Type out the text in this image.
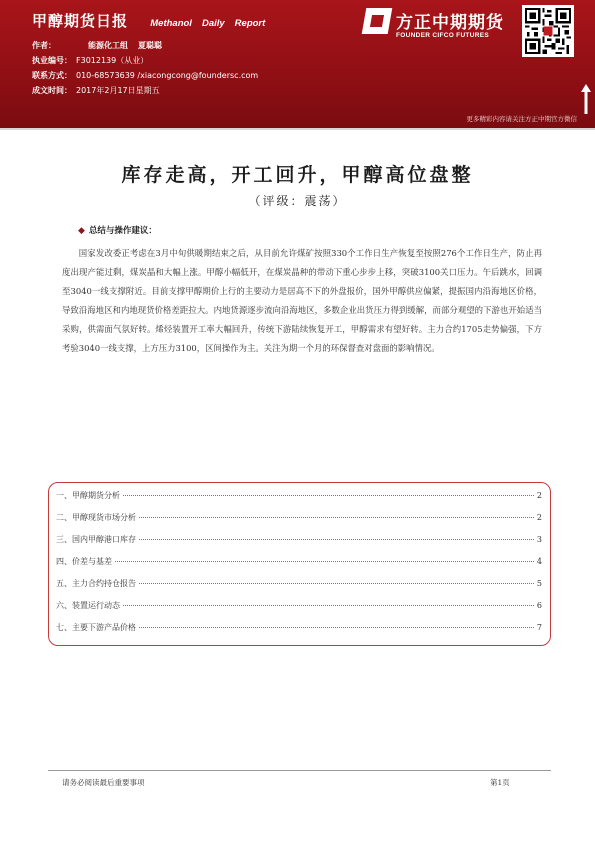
甲醇期货日报 Methanol Daily Report
作者：	能源化工组 夏聪聪
执业编号： F3012139（从业）
联系方式： 010-68573639 /xiacongcong@foundersc.com
成文时间： 2017年2月17日星期五
方正中期期货
FOUNDER CIFCO FUTURES
更多精彩内容请关注方正中期官方微信
库存走高，开工回升，甲醇高位盘整
（评级：震荡）
◆ 总结与操作建议：

国家发改委正考虑在3月中旬供暖期结束之后，从目前允许煤矿按照330个工作日生产恢复至按照276个工作日生产，防止再度出现产能过剩，煤炭晶和大幅上涨。甲醇小幅低开，在煤炭晶种的带动下重心步步上移，突破3100关口压力。午后跳水，回调至3040一线支撑附近。目前支撑甲醇期价上行的主要动力是居高不下的外盘报价，国外甲醇供应偏紧，提振国内沿海地区价格，导致沿海地区和内地现货价格差距拉大。内地货源逐步流向沿海地区，多数企业出货压力得到缓解，而部分观望的下游也开始适当采购，供需面气氛好转。烯烃装置开工率大幅回升，传统下游陆续恢复开工，甲醇需求有望好转。主力合约1705走势偏强，下方考验3040一线支撑，上方压力3100，区间操作为主。关注为期一个月的环保督查对盘面的影响情况。

一、甲醇期货分析	2
二、甲醇现货市场分析	2
三、国内甲醇港口库存	3
四、价差与基差	4
五、主力合约持仓报告	5
六、装置运行动态	6
七、主要下游产品价格	7
请务必阅读最后重要事项	第1页
